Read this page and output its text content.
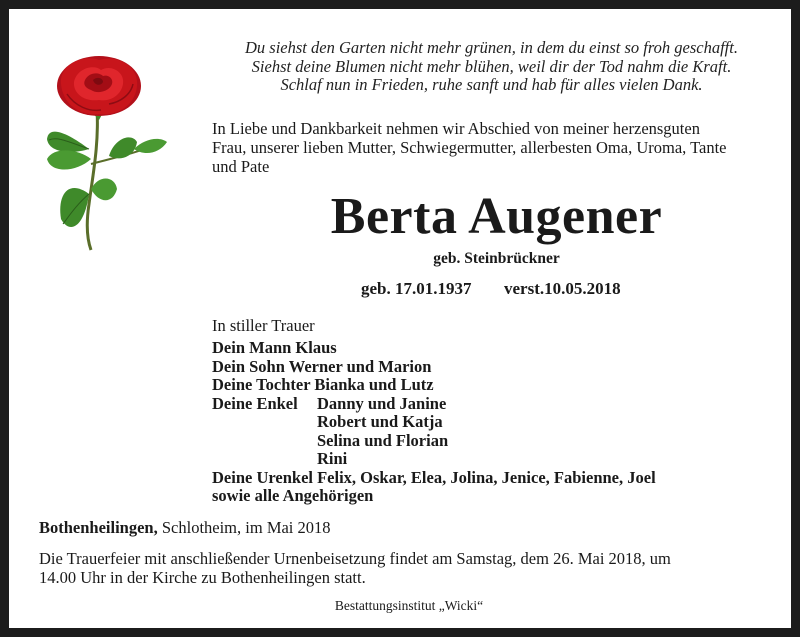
Du siehst den Garten nicht mehr grünen, in dem du einst so froh geschafft.
Siehst deine Blumen nicht mehr blühen, weil dir der Tod nahm die Kraft.
Schlaf nun in Frieden, ruhe sanft und hab für alles vielen Dank.
In Liebe und Dankbarkeit nehmen wir Abschied von meiner herzensguten
Frau, unserer lieben Mutter, Schwiegermutter, allerbesten Oma, Uroma, Tante
und Pate
Berta Augener
geb. Steinbrückner
geb. 17.01.1937 verst.10.05.2018
In stiller Trauer
Dein Mann Klaus
Dein Sohn Werner und Marion
Deine Tochter Bianka und Lutz
Deine Enkel Danny und Janine
Robert und Katja
Selina und Florian
Rini
Deine Urenkel Felix, Oskar, Elea, Jolina, Jenice, Fabienne, Joel
sowie alle Angehörigen
Bothenheilingen, Schlotheim, im Mai 2018
Die Trauerfeier mit anschließender Urnenbeisetzung findet am Samstag, dem 26. Mai 2018, um
14.00 Uhr in der Kirche zu Bothenheilingen statt.
Bestattungsinstitut „Wicki“
